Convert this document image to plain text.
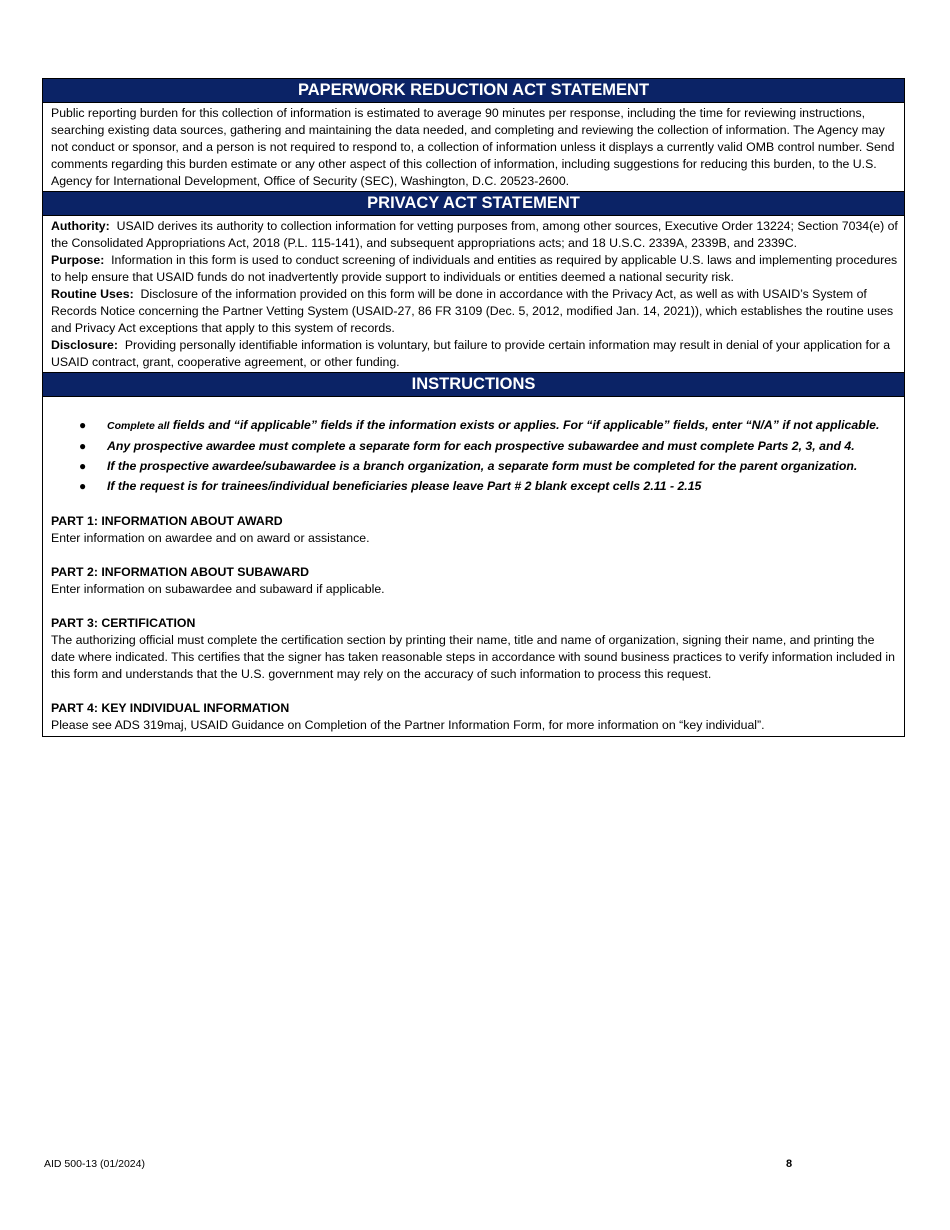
PAPERWORK REDUCTION ACT STATEMENT

Public reporting burden for this collection of information is estimated to average 90 minutes per response, including the time for reviewing instructions, searching existing data sources, gathering and maintaining the data needed, and completing and reviewing the collection of information. The Agency may not conduct or sponsor, and a person is not required to respond to, a collection of information unless it displays a currently valid OMB control number. Send comments regarding this burden estimate or any other aspect of this collection of information, including suggestions for reducing this burden, to the U.S. Agency for International Development, Office of Security (SEC), Washington, D.C. 20523-2600.

PRIVACY ACT STATEMENT

Authority: USAID derives its authority to collection information for vetting purposes from, among other sources, Executive Order 13224; Section 7034(e) of the Consolidated Appropriations Act, 2018 (P.L. 115-141), and subsequent appropriations acts; and 18 U.S.C. 2339A, 2339B, and 2339C.

Purpose: Information in this form is used to conduct screening of individuals and entities as required by applicable U.S. laws and implementing procedures to help ensure that USAID funds do not inadvertently provide support to individuals or entities deemed a national security risk.

Routine Uses: Disclosure of the information provided on this form will be done in accordance with the Privacy Act, as well as with USAID’s System of Records Notice concerning the Partner Vetting System (USAID-27, 86 FR 3109 (Dec. 5, 2012, modified Jan. 14, 2021)), which establishes the routine uses and Privacy Act exceptions that apply to this system of records.

Disclosure: Providing personally identifiable information is voluntary, but failure to provide certain information may result in denial of your application for a USAID contract, grant, cooperative agreement, or other funding.

INSTRUCTIONS
● Complete all fields and “if applicable” fields if the information exists or applies. For “if applicable” fields, enter “N/A” if not applicable.
● Any prospective awardee must complete a separate form for each prospective subawardee and must complete Parts 2, 3, and 4.
● If the prospective awardee/subawardee is a branch organization, a separate form must be completed for the parent organization.
● If the request is for trainees/individual beneficiaries please leave Part # 2 blank except cells 2.11 - 2.15
PART 1: INFORMATION ABOUT AWARD
Enter information on awardee and on award or assistance.
PART 2: INFORMATION ABOUT SUBAWARD
Enter information on subawardee and subaward if applicable.
PART 3: CERTIFICATION
The authorizing official must complete the certification section by printing their name, title and name of organization, signing their name, and printing the date where indicated. This certifies that the signer has taken reasonable steps in accordance with sound business practices to verify information included in this form and understands that the U.S. government may rely on the accuracy of such information to process this request.
PART 4: KEY INDIVIDUAL INFORMATION
Please see ADS 319maj, USAID Guidance on Completion of the Partner Information Form, for more information on “key individual”.
AID 500-13 (01/2024)	8
